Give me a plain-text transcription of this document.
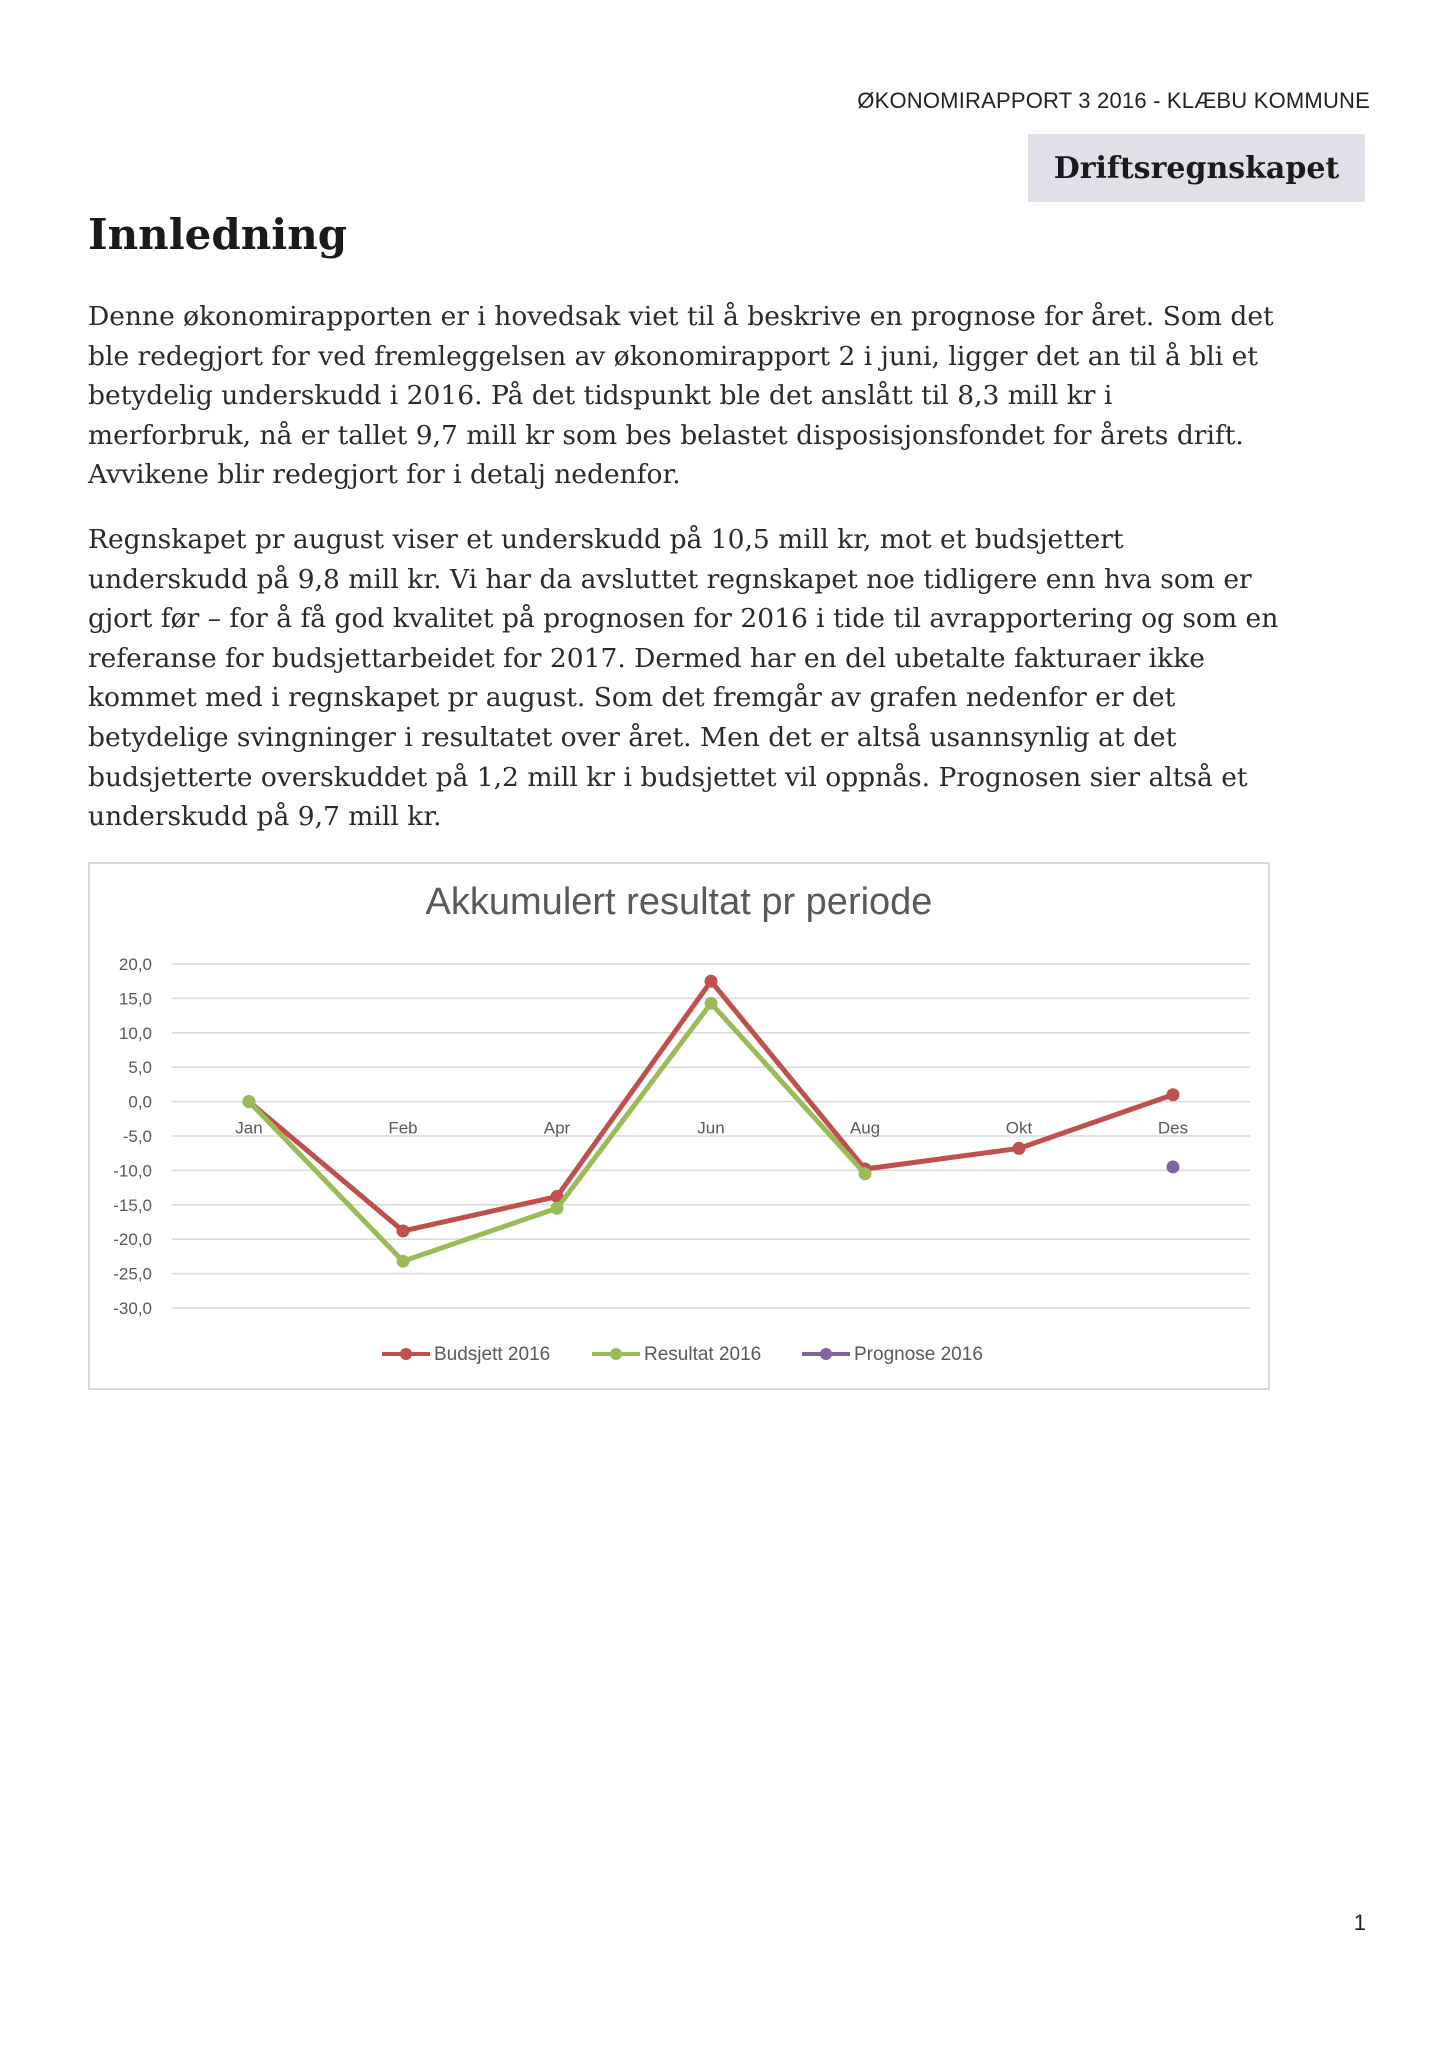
ØKONOMIRAPPORT 3 2016 - KLÆBU KOMMUNE
Driftsregnskapet
Innledning
Denne økonomirapporten er i hovedsak viet til å beskrive en prognose for året. Som det
ble redegjort for ved fremleggelsen av økonomirapport 2 i juni, ligger det an til å bli et
betydelig underskudd i 2016. På det tidspunkt ble det anslått til 8,3 mill kr i
merforbruk, nå er tallet 9,7 mill kr som bes belastet disposisjonsfondet for årets drift.
Avvikene blir redegjort for i detalj nedenfor.
Regnskapet pr august viser et underskudd på 10,5 mill kr, mot et budsjettert
underskudd på 9,8 mill kr. Vi har da avsluttet regnskapet noe tidligere enn hva som er
gjort før – for å få god kvalitet på prognosen for 2016 i tide til avrapportering og som en
referanse for budsjettarbeidet for 2017. Dermed har en del ubetalte fakturaer ikke
kommet med i regnskapet pr august. Som det fremgår av grafen nedenfor er det
betydelige svingninger i resultatet over året. Men det er altså usannsynlig at det
budsjetterte overskuddet på 1,2 mill kr i budsjettet vil oppnås. Prognosen sier altså et
underskudd på 9,7 mill kr.
Akkumulert resultat pr periode
20,0
15,0
10,0
5,0
0,0
-5,0
-10,0
-15,0
-20,0
-25,0
-30,0
Jan	Feb	Apr	Jun	Aug	Okt	Des
Budsjett 2016	Resultat 2016	Prognose 2016
1
